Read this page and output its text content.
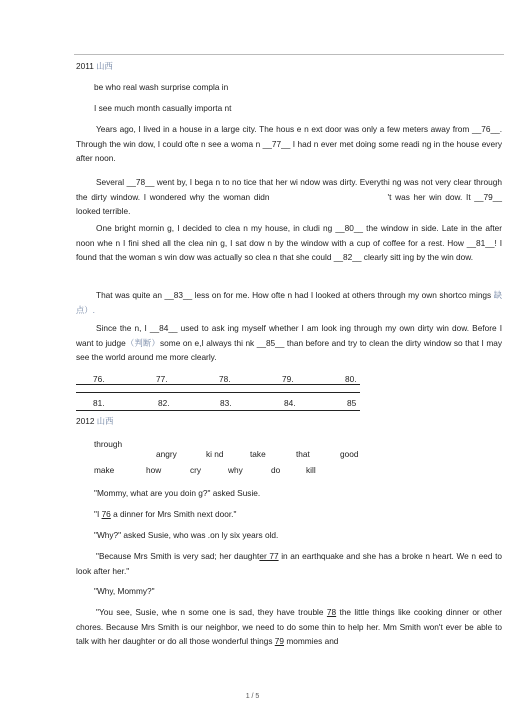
2011 山西
be who real wash surprise compla in
I see much month casually importa nt
Years ago, I lived in a house in a large city. The hous e n ext door was only a few meters away from __76__. Through the win dow, I could ofte n see a woma n __77__ I had n ever met doing some readi ng in the house every after noon.
Several __78__ went by, I bega n to no tice that her wi ndow was dirty. Everythi ng was not very clear through the dirty window. I wondered why the woman didn	't was her win dow. It __79__ looked terrible.
One bright mornin g, I decided to clea n my house, in cludi ng __80__ the window in side. Late in the after noon whe n I fini shed all the clea nin g, I sat dow n by the window with a cup of coffee for a rest. How __81__! I found that the woman s win dow was actually so clea n that she could __82__ clearly sitt ing by the win dow.
That was quite an __83__ less on for me. How ofte n had I looked at others through my own shortco mings 缺点）.
Since the n, I __84__ used to ask ing myself whether I am look ing through my own dirty win dow. Before I want to judge（判断）some on e,I always thi nk __85__ than before and try to clean the dirty window so that I may see the world around me more clearly.
76.	77.	78.	79.	80.
81.	82.	83.	84.	85
2012 山西
through
angry	ki nd	take	that	good
make	how	cry	why	do	kill
"Mommy, what are you doin g?" asked Susie.
"I 76 a dinner for Mrs Smith next door."
"Why?" asked Susie, who was .on ly six years old.
"Because Mrs Smith is very sad; her daughter 77 in an earthquake and she has a broke n heart. We n eed to look after her."
"Why, Mommy?"
"You see, Susie, whe n some one is sad, they have trouble 78 the little things like cooking dinner or other chores. Because Mrs Smith is our neighbor, we need to do some thin to help her. Mm Smith won't ever be able to talk with her daughter or do all those wonderful things 79 mommies and
1 / 5
